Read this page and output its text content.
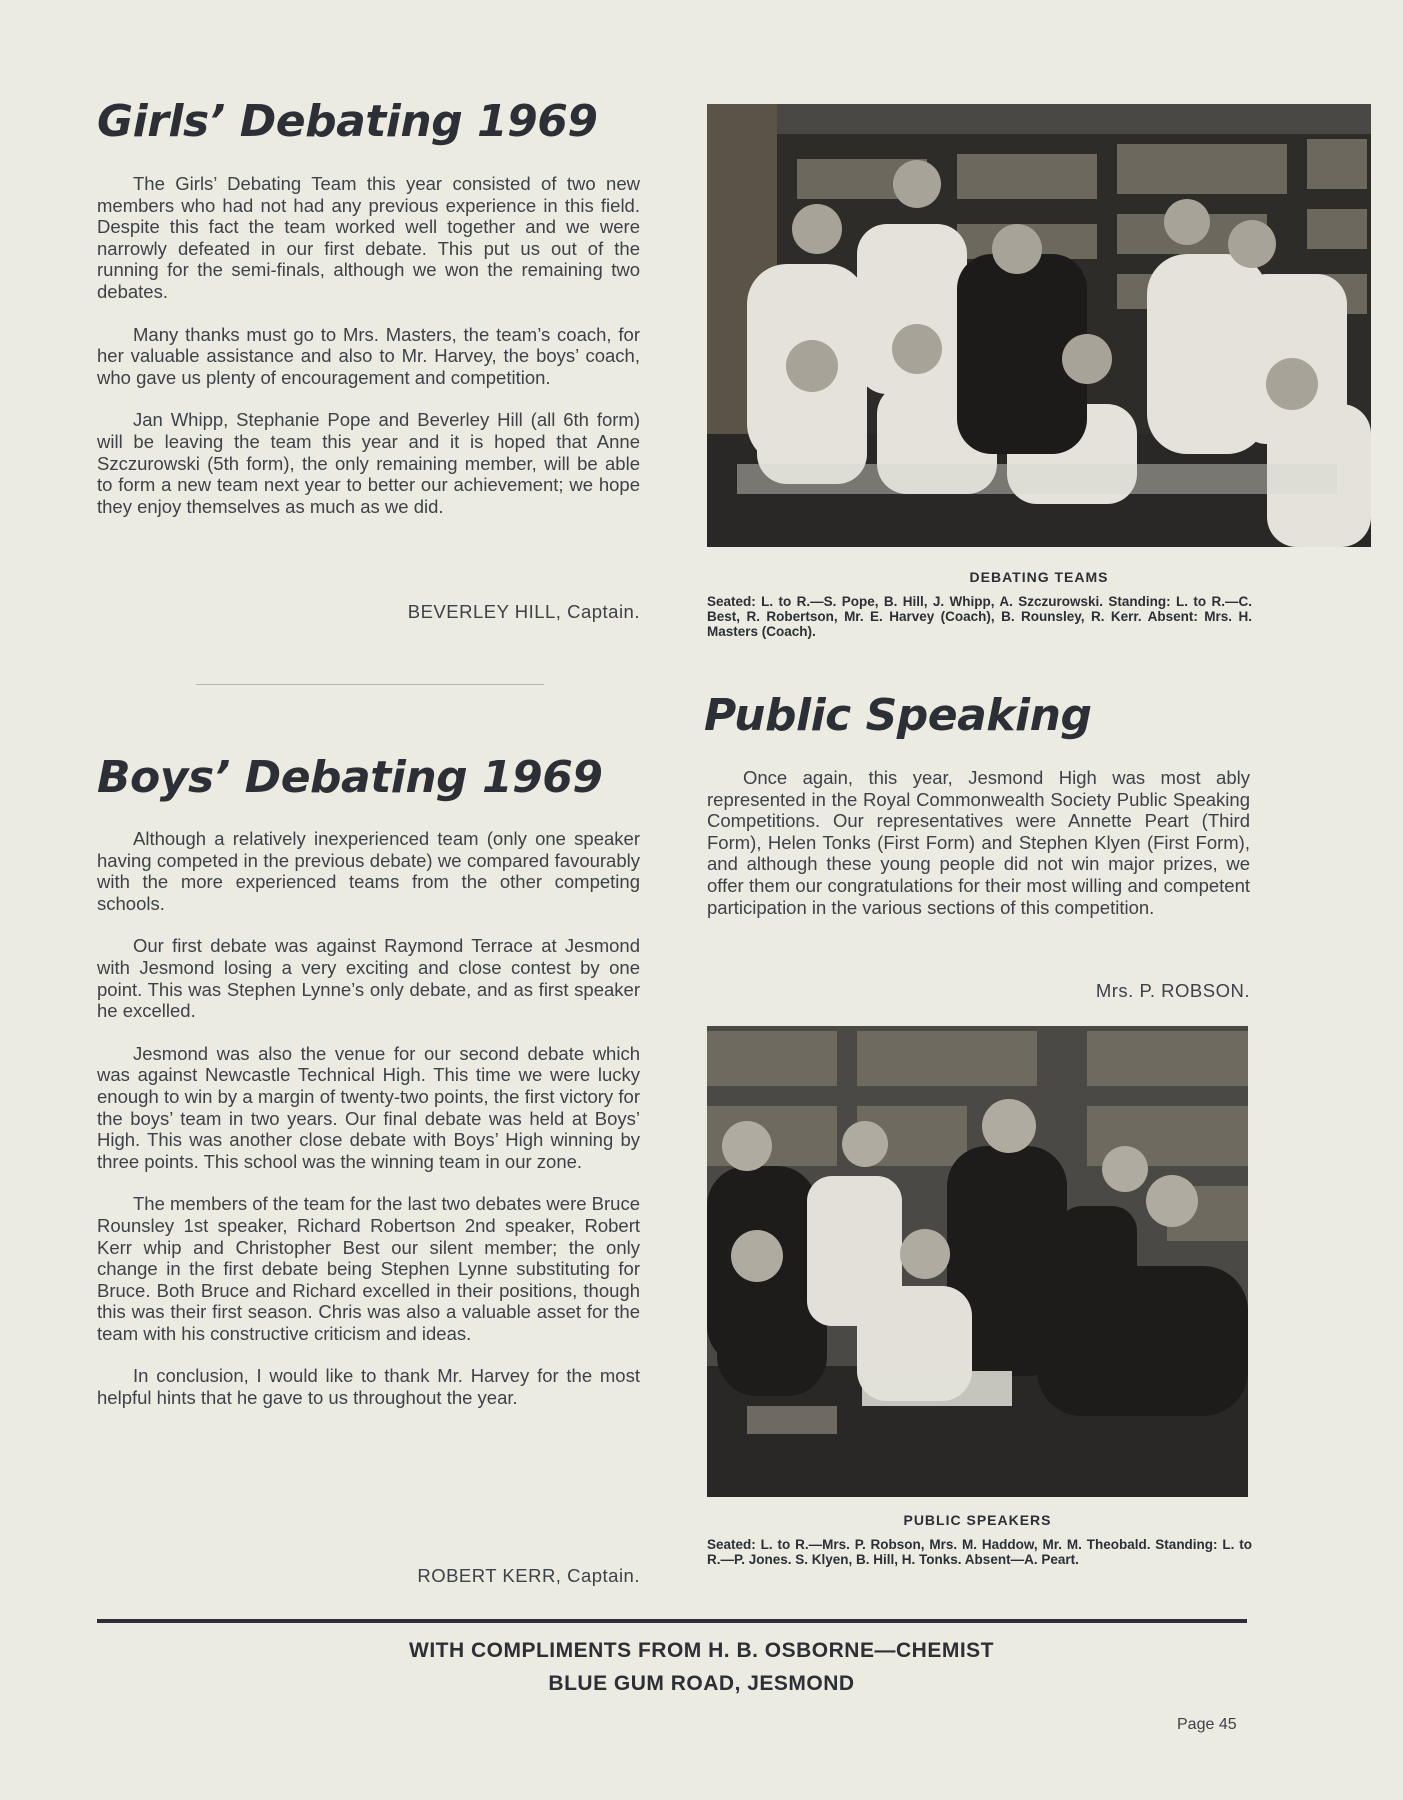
Girls’ Debating 1969

The Girls’ Debating Team this year consisted of two new members who had not had any previous experience in this field. Despite this fact the team worked well together and we were narrowly defeated in our first debate. This put us out of the running for the semi-finals, although we won the remaining two debates.

Many thanks must go to Mrs. Masters, the team’s coach, for her valuable assistance and also to Mr. Harvey, the boys’ coach, who gave us plenty of encouragement and competition.

Jan Whipp, Stephanie Pope and Beverley Hill (all 6th form) will be leaving the team this year and it is hoped that Anne Szczurowski (5th form), the only remaining member, will be able to form a new team next year to better our achievement; we hope they enjoy themselves as much as we did.

BEVERLEY HILL, Captain.
Boys’ Debating 1969

Although a relatively inexperienced team (only one speaker having competed in the previous debate) we compared favourably with the more experienced teams from the other competing schools.

Our first debate was against Raymond Terrace at Jesmond with Jesmond losing a very exciting and close contest by one point. This was Stephen Lynne’s only debate, and as first speaker he excelled.

Jesmond was also the venue for our second debate which was against Newcastle Technical High. This time we were lucky enough to win by a margin of twenty-two points, the first victory for the boys’ team in two years. Our final debate was held at Boys’ High. This was another close debate with Boys’ High winning by three points. This school was the winning team in our zone.

The members of the team for the last two debates were Bruce Rounsley 1st speaker, Richard Robertson 2nd speaker, Robert Kerr whip and Christopher Best our silent member; the only change in the first debate being Stephen Lynne substituting for Bruce. Both Bruce and Richard excelled in their positions, though this was their first season. Chris was also a valuable asset for the team with his constructive criticism and ideas.

In conclusion, I would like to thank Mr. Harvey for the most helpful hints that he gave to us throughout the year.

ROBERT KERR, Captain.
DEBATING TEAMS
Seated: L. to R.—S. Pope, B. Hill, J. Whipp, A. Szczurowski. Standing: L. to R.—C. Best, R. Robertson, Mr. E. Harvey (Coach), B. Rounsley, R. Kerr. Absent: Mrs. H. Masters (Coach).
Public Speaking

Once again, this year, Jesmond High was most ably represented in the Royal Commonwealth Society Public Speaking Competitions. Our representatives were Annette Peart (Third Form), Helen Tonks (First Form) and Stephen Klyen (First Form), and although these young people did not win major prizes, we offer them our congratulations for their most willing and competent participation in the various sections of this competition.

Mrs. P. ROBSON.
PUBLIC SPEAKERS
Seated: L. to R.—Mrs. P. Robson, Mrs. M. Haddow, Mr. M. Theobald. Standing: L. to R.—P. Jones. S. Klyen, B. Hill, H. Tonks. Absent—A. Peart.
WITH COMPLIMENTS FROM H. B. OSBORNE—CHEMIST
BLUE GUM ROAD, JESMOND
Page 45
